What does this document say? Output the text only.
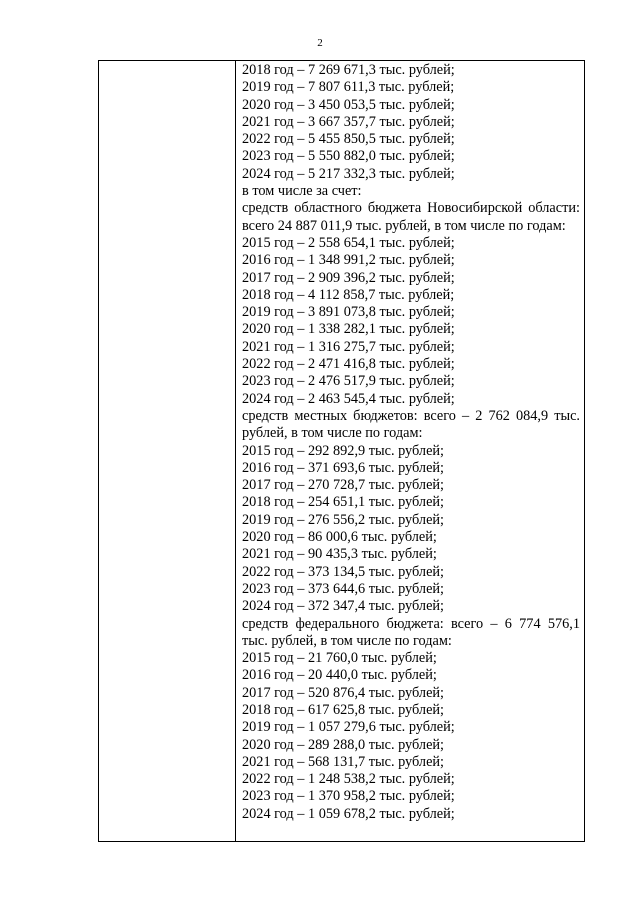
2

2018 год – 7 269 671,3 тыс. рублей;
2019 год – 7 807 611,3 тыс. рублей;
2020 год – 3 450 053,5 тыс. рублей;
2021 год – 3 667 357,7 тыс. рублей;
2022 год – 5 455 850,5 тыс. рублей;
2023 год – 5 550 882,0 тыс. рублей;
2024 год – 5 217 332,3 тыс. рублей;
в том числе за счет:
средств областного бюджета Новосибирской области: всего 24 887 011,9 тыс. рублей, в том числе по годам:
2015 год – 2 558 654,1 тыс. рублей;
2016 год – 1 348 991,2 тыс. рублей;
2017 год – 2 909 396,2 тыс. рублей;
2018 год – 4 112 858,7 тыс. рублей;
2019 год – 3 891 073,8 тыс. рублей;
2020 год – 1 338 282,1 тыс. рублей;
2021 год – 1 316 275,7 тыс. рублей;
2022 год – 2 471 416,8 тыс. рублей;
2023 год – 2 476 517,9 тыс. рублей;
2024 год – 2 463 545,4 тыс. рублей;
средств местных бюджетов: всего – 2 762 084,9 тыс. рублей, в том числе по годам:
2015 год – 292 892,9 тыс. рублей;
2016 год – 371 693,6 тыс. рублей;
2017 год – 270 728,7 тыс. рублей;
2018 год – 254 651,1 тыс. рублей;
2019 год – 276 556,2 тыс. рублей;
2020 год – 86 000,6 тыс. рублей;
2021 год – 90 435,3 тыс. рублей;
2022 год – 373 134,5 тыс. рублей;
2023 год – 373 644,6 тыс. рублей;
2024 год – 372 347,4 тыс. рублей;
средств федерального бюджета: всего – 6 774 576,1 тыс. рублей, в том числе по годам:
2015 год – 21 760,0 тыс. рублей;
2016 год – 20 440,0 тыс. рублей;
2017 год – 520 876,4 тыс. рублей;
2018 год – 617 625,8 тыс. рублей;
2019 год – 1 057 279,6 тыс. рублей;
2020 год – 289 288,0 тыс. рублей;
2021 год – 568 131,7 тыс. рублей;
2022 год – 1 248 538,2 тыс. рублей;
2023 год – 1 370 958,2 тыс. рублей;
2024 год – 1 059 678,2 тыс. рублей;
